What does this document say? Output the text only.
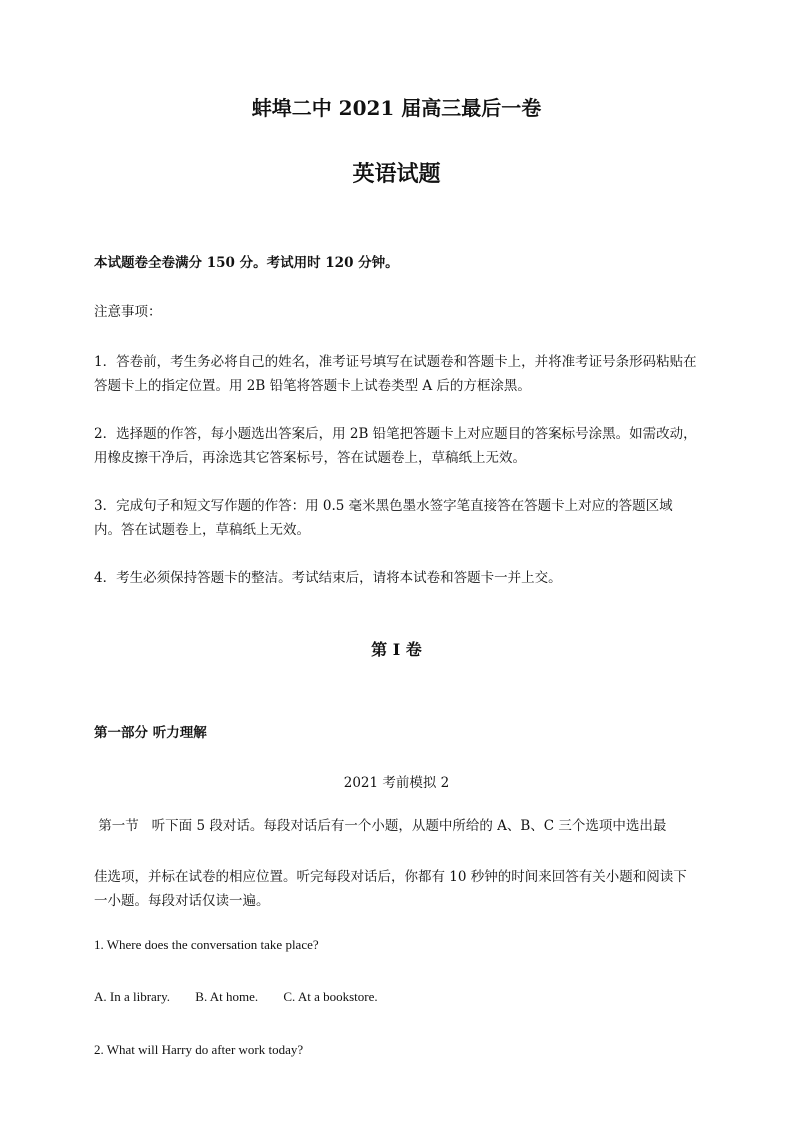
蚌埠二中 2021 届高三最后一卷
英语试题
本试题卷全卷满分 150 分。考试用时 120 分钟。
注意事项：
1．答卷前，考生务必将自己的姓名，准考证号填写在试题卷和答题卡上，并将准考证号条形码粘贴在答题卡上的指定位置。用 2B 铅笔将答题卡上试卷类型 A 后的方框涂黑。
2．选择题的作答，每小题选出答案后，用 2B 铅笔把答题卡上对应题目的答案标号涂黑。如需改动，用橡皮擦干净后，再涂选其它答案标号，答在试题卷上，草稿纸上无效。
3．完成句子和短文写作题的作答：用 0.5 毫米黑色墨水签字笔直接答在答题卡上对应的答题区域内。答在试题卷上，草稿纸上无效。
4．考生必须保持答题卡的整洁。考试结束后，请将本试卷和答题卡一并上交。
第 I 卷
第一部分 听力理解
2021 考前模拟 2
第一节   听下面 5 段对话。每段对话后有一个小题，从题中所给的 A、B、C 三个选项中选出最
佳选项，并标在试卷的相应位置。听完每段对话后，你都有 10 秒钟的时间来回答有关小题和阅读下一小题。每段对话仅读一遍。
1. Where does the conversation take place?
A. In a library. B. At home. C. At a bookstore.
2. What will Harry do after work today?
